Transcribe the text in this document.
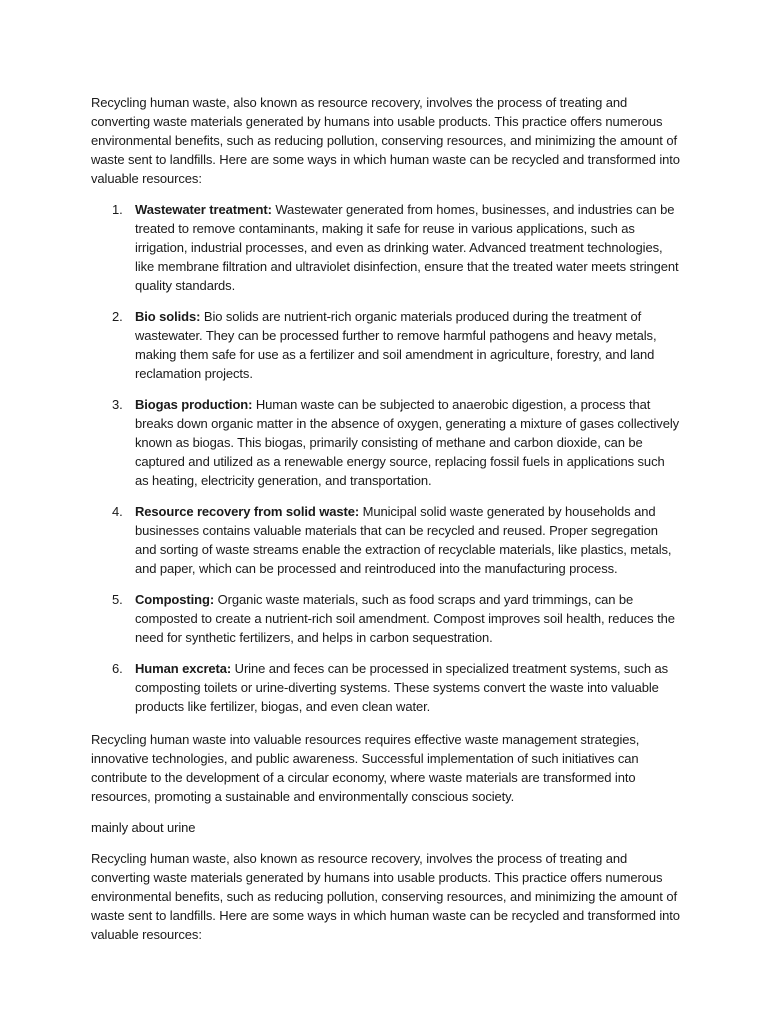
Recycling human waste, also known as resource recovery, involves the process of treating and converting waste materials generated by humans into usable products. This practice offers numerous environmental benefits, such as reducing pollution, conserving resources, and minimizing the amount of waste sent to landfills. Here are some ways in which human waste can be recycled and transformed into valuable resources:

1. Wastewater treatment: Wastewater generated from homes, businesses, and industries can be treated to remove contaminants, making it safe for reuse in various applications, such as irrigation, industrial processes, and even as drinking water. Advanced treatment technologies, like membrane filtration and ultraviolet disinfection, ensure that the treated water meets stringent quality standards.
2. Bio solids: Bio solids are nutrient-rich organic materials produced during the treatment of wastewater. They can be processed further to remove harmful pathogens and heavy metals, making them safe for use as a fertilizer and soil amendment in agriculture, forestry, and land reclamation projects.
3. Biogas production: Human waste can be subjected to anaerobic digestion, a process that breaks down organic matter in the absence of oxygen, generating a mixture of gases collectively known as biogas. This biogas, primarily consisting of methane and carbon dioxide, can be captured and utilized as a renewable energy source, replacing fossil fuels in applications such as heating, electricity generation, and transportation.
4. Resource recovery from solid waste: Municipal solid waste generated by households and businesses contains valuable materials that can be recycled and reused. Proper segregation and sorting of waste streams enable the extraction of recyclable materials, like plastics, metals, and paper, which can be processed and reintroduced into the manufacturing process.
5. Composting: Organic waste materials, such as food scraps and yard trimmings, can be composted to create a nutrient-rich soil amendment. Compost improves soil health, reduces the need for synthetic fertilizers, and helps in carbon sequestration.
6. Human excreta: Urine and feces can be processed in specialized treatment systems, such as composting toilets or urine-diverting systems. These systems convert the waste into valuable products like fertilizer, biogas, and even clean water.

Recycling human waste into valuable resources requires effective waste management strategies, innovative technologies, and public awareness. Successful implementation of such initiatives can contribute to the development of a circular economy, where waste materials are transformed into resources, promoting a sustainable and environmentally conscious society.

mainly about urine

Recycling human waste, also known as resource recovery, involves the process of treating and converting waste materials generated by humans into usable products. This practice offers numerous environmental benefits, such as reducing pollution, conserving resources, and minimizing the amount of waste sent to landfills. Here are some ways in which human waste can be recycled and transformed into valuable resources:
